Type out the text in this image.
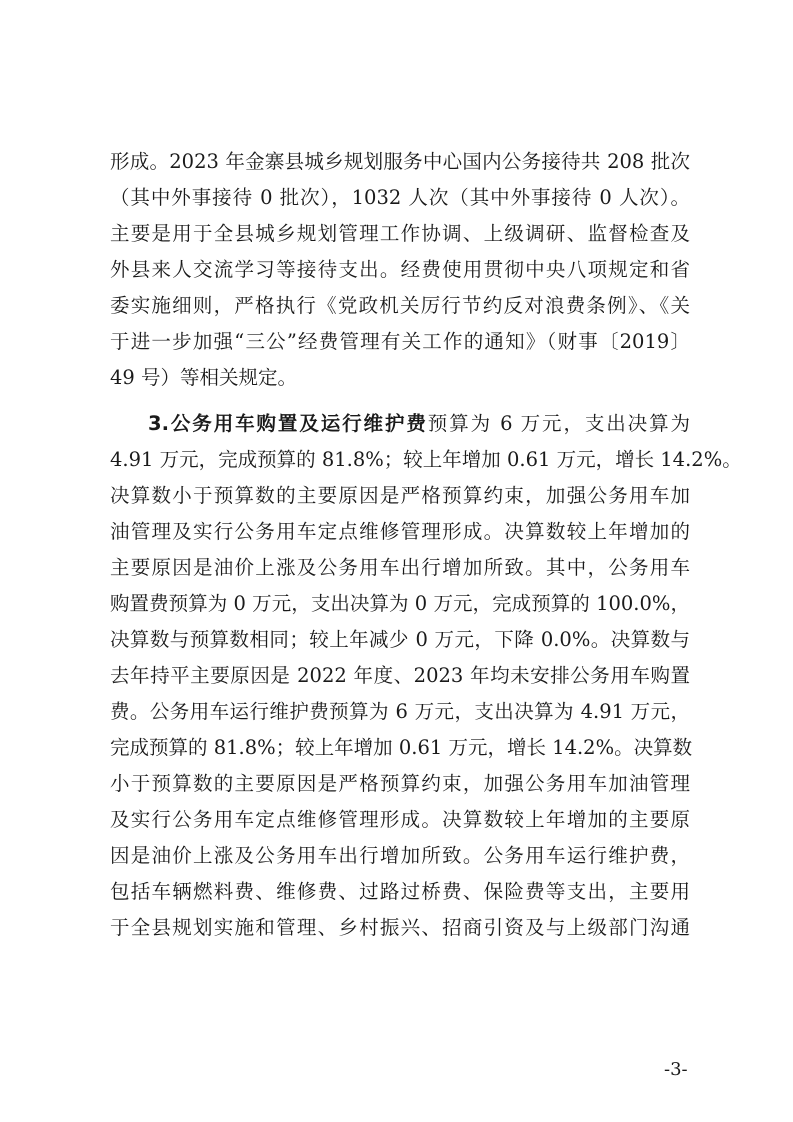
形成。2023 年金寨县城乡规划服务中心国内公务接待共 208 批次
（其中外事接待 0 批次），1032 人次（其中外事接待 0 人次）。
主要是用于全县城乡规划管理工作协调、上级调研、监督检查及
外县来人交流学习等接待支出。经费使用贯彻中央八项规定和省
委实施细则，严格执行《党政机关厉行节约反对浪费条例》、《关
于进一步加强“三公”经费管理有关工作的通知》（财事〔2019〕
49 号）等相关规定。
3.公务用车购置及运行维护费预算为 6 万元，支出决算为
4.91 万元，完成预算的 81.8%；较上年增加 0.61 万元，增长 14.2%。
决算数小于预算数的主要原因是严格预算约束，加强公务用车加
油管理及实行公务用车定点维修管理形成。决算数较上年增加的
主要原因是油价上涨及公务用车出行增加所致。其中，公务用车
购置费预算为 0 万元，支出决算为 0 万元，完成预算的 100.0%，
决算数与预算数相同；较上年减少 0 万元，下降 0.0%。决算数与
去年持平主要原因是 2022 年度、2023 年均未安排公务用车购置
费。公务用车运行维护费预算为 6 万元，支出决算为 4.91 万元，
完成预算的 81.8%；较上年增加 0.61 万元，增长 14.2%。决算数
小于预算数的主要原因是严格预算约束，加强公务用车加油管理
及实行公务用车定点维修管理形成。决算数较上年增加的主要原
因是油价上涨及公务用车出行增加所致。公务用车运行维护费，
包括车辆燃料费、维修费、过路过桥费、保险费等支出，主要用
于全县规划实施和管理、乡村振兴、招商引资及与上级部门沟通
-3-
